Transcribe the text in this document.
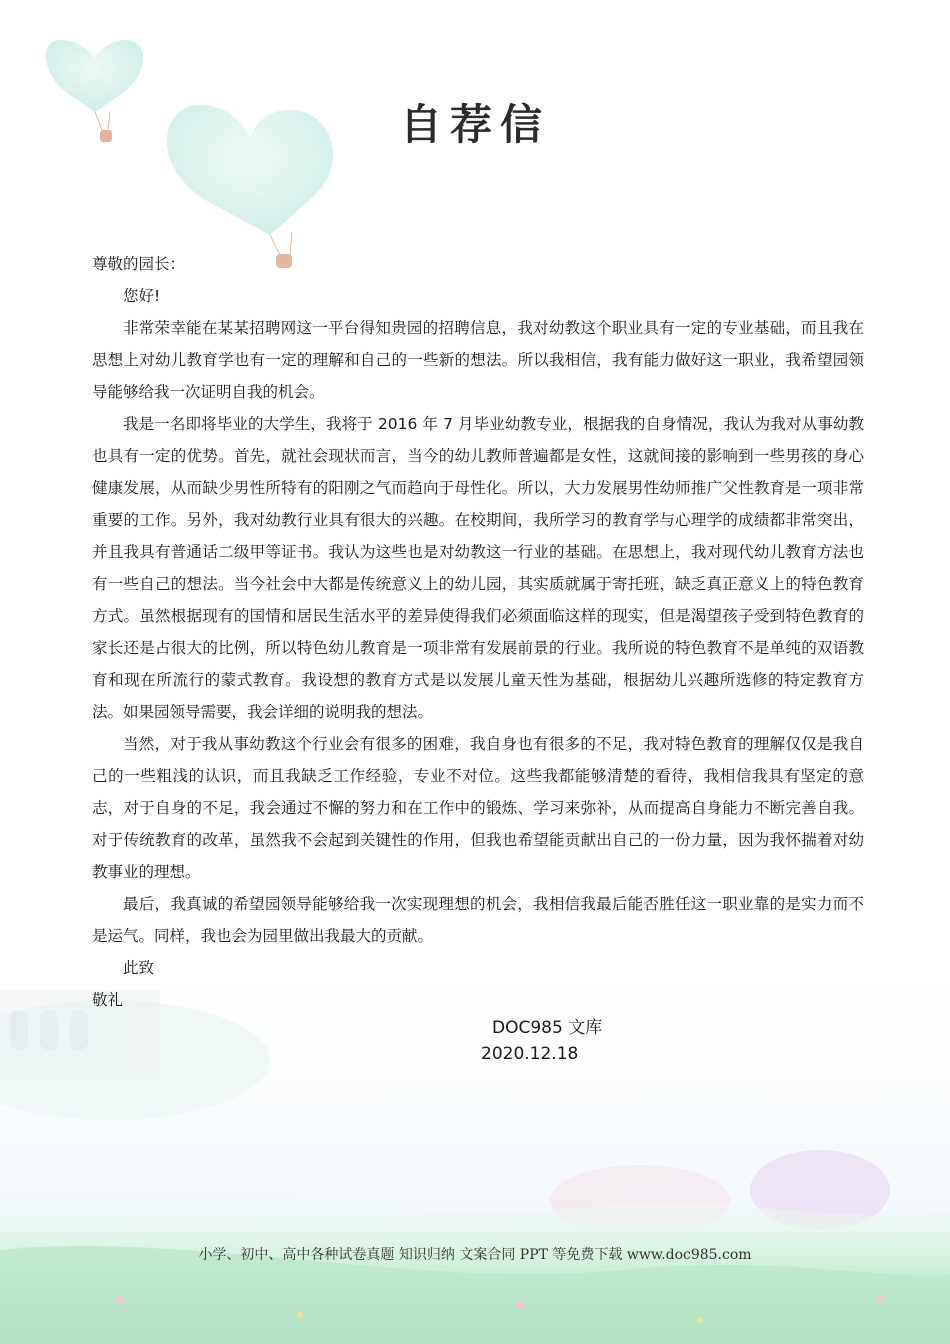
自荐信

尊敬的园长：

您好!

非常荣幸能在某某招聘网这一平台得知贵园的招聘信息，我对幼教这个职业具有一定的专业基础，而且我在思想上对幼儿教育学也有一定的理解和自己的一些新的想法。所以我相信，我有能力做好这一职业，我希望园领导能够给我一次证明自我的机会。

我是一名即将毕业的大学生，我将于 2016 年 7 月毕业幼教专业，根据我的自身情况，我认为我对从事幼教也具有一定的优势。首先，就社会现状而言，当今的幼儿教师普遍都是女性，这就间接的影响到一些男孩的身心健康发展，从而缺少男性所特有的阳刚之气而趋向于母性化。所以，大力发展男性幼师推广父性教育是一项非常重要的工作。另外，我对幼教行业具有很大的兴趣。在校期间，我所学习的教育学与心理学的成绩都非常突出，并且我具有普通话二级甲等证书。我认为这些也是对幼教这一行业的基础。在思想上，我对现代幼儿教育方法也有一些自己的想法。当今社会中大都是传统意义上的幼儿园，其实质就属于寄托班，缺乏真正意义上的特色教育方式。虽然根据现有的国情和居民生活水平的差异使得我们必须面临这样的现实，但是渴望孩子受到特色教育的家长还是占很大的比例，所以特色幼儿教育是一项非常有发展前景的行业。我所说的特色教育不是单纯的双语教育和现在所流行的蒙式教育。我设想的教育方式是以发展儿童天性为基础，根据幼儿兴趣所选修的特定教育方法。如果园领导需要，我会详细的说明我的想法。

当然，对于我从事幼教这个行业会有很多的困难，我自身也有很多的不足，我对特色教育的理解仅仅是我自己的一些粗浅的认识，而且我缺乏工作经验，专业不对位。这些我都能够清楚的看待，我相信我具有坚定的意志，对于自身的不足，我会通过不懈的努力和在工作中的锻炼、学习来弥补，从而提高自身能力不断完善自我。对于传统教育的改革，虽然我不会起到关键性的作用，但我也希望能贡献出自己的一份力量，因为我怀揣着对幼教事业的理想。

最后，我真诚的希望园领导能够给我一次实现理想的机会，我相信我最后能否胜任这一职业靠的是实力而不是运气。同样，我也会为园里做出我最大的贡献。

此致

敬礼

DOC985 文库
2020.12.18
小学、初中、高中各种试卷真题 知识归纳 文案合同 PPT 等免费下载 www.doc985.com
